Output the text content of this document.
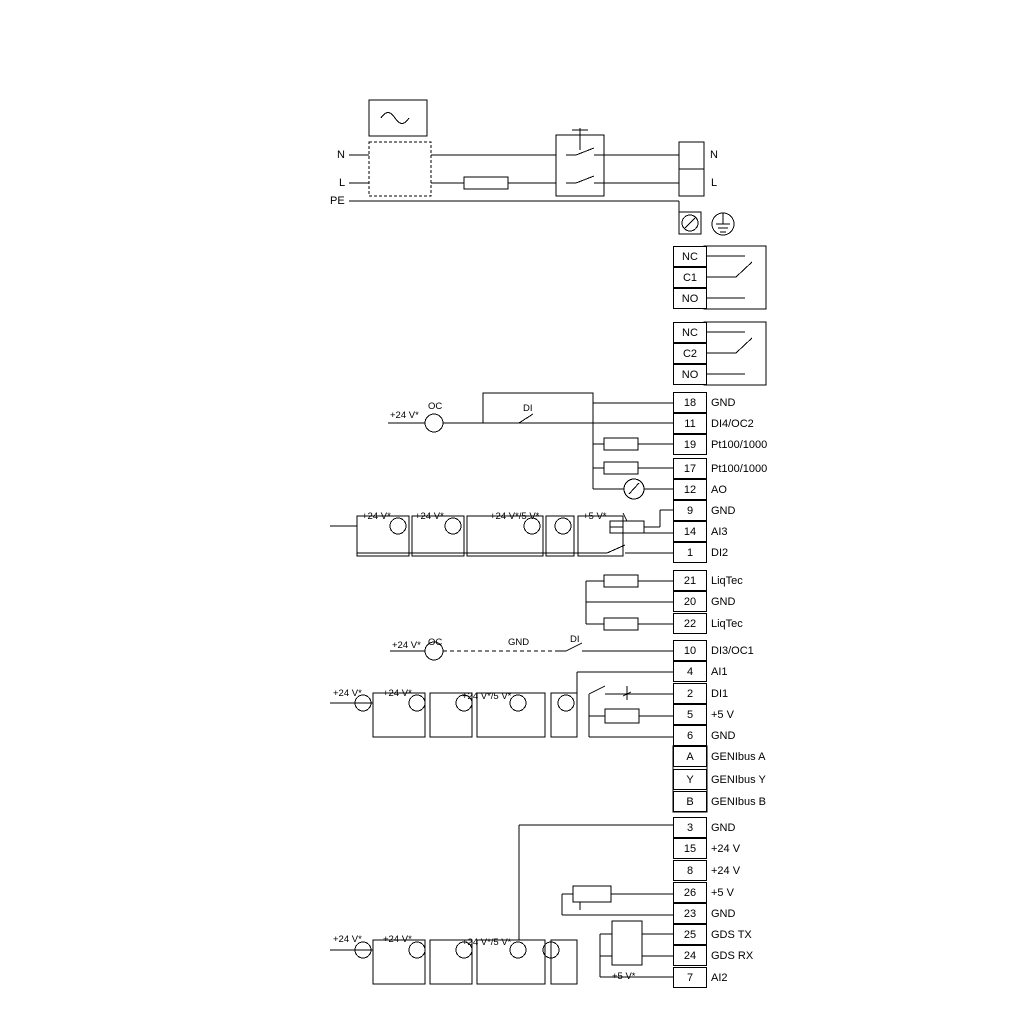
N
L
PE
N
L
NC
C1
NO
NC
C2
NO
18	GND
11	DI4/OC2
19	Pt100/1000
17	Pt100/1000
12	AO
9	GND
14	AI3
1	DI2
21	LiqTec
20	GND
22	LiqTec
10	DI3/OC1
4	AI1
2	DI1
5	+5 V
6	GND
A	GENIbus A
Y	GENIbus Y
B	GENIbus B
3	GND
15	+24 V
8	+24 V
26	+5 V
23	GND
25	GDS TX
24	GDS RX
7	AI2
+24 V*
OC	DI
+24 V*	+24 V*	+24 V*/5 V*	+5 V*
+24 V* OC	GND	DI
+24 V* +24 V*	+24 V*/5 V*
+24 V* +24 V*	+24 V*/5 V*
+5 V*
